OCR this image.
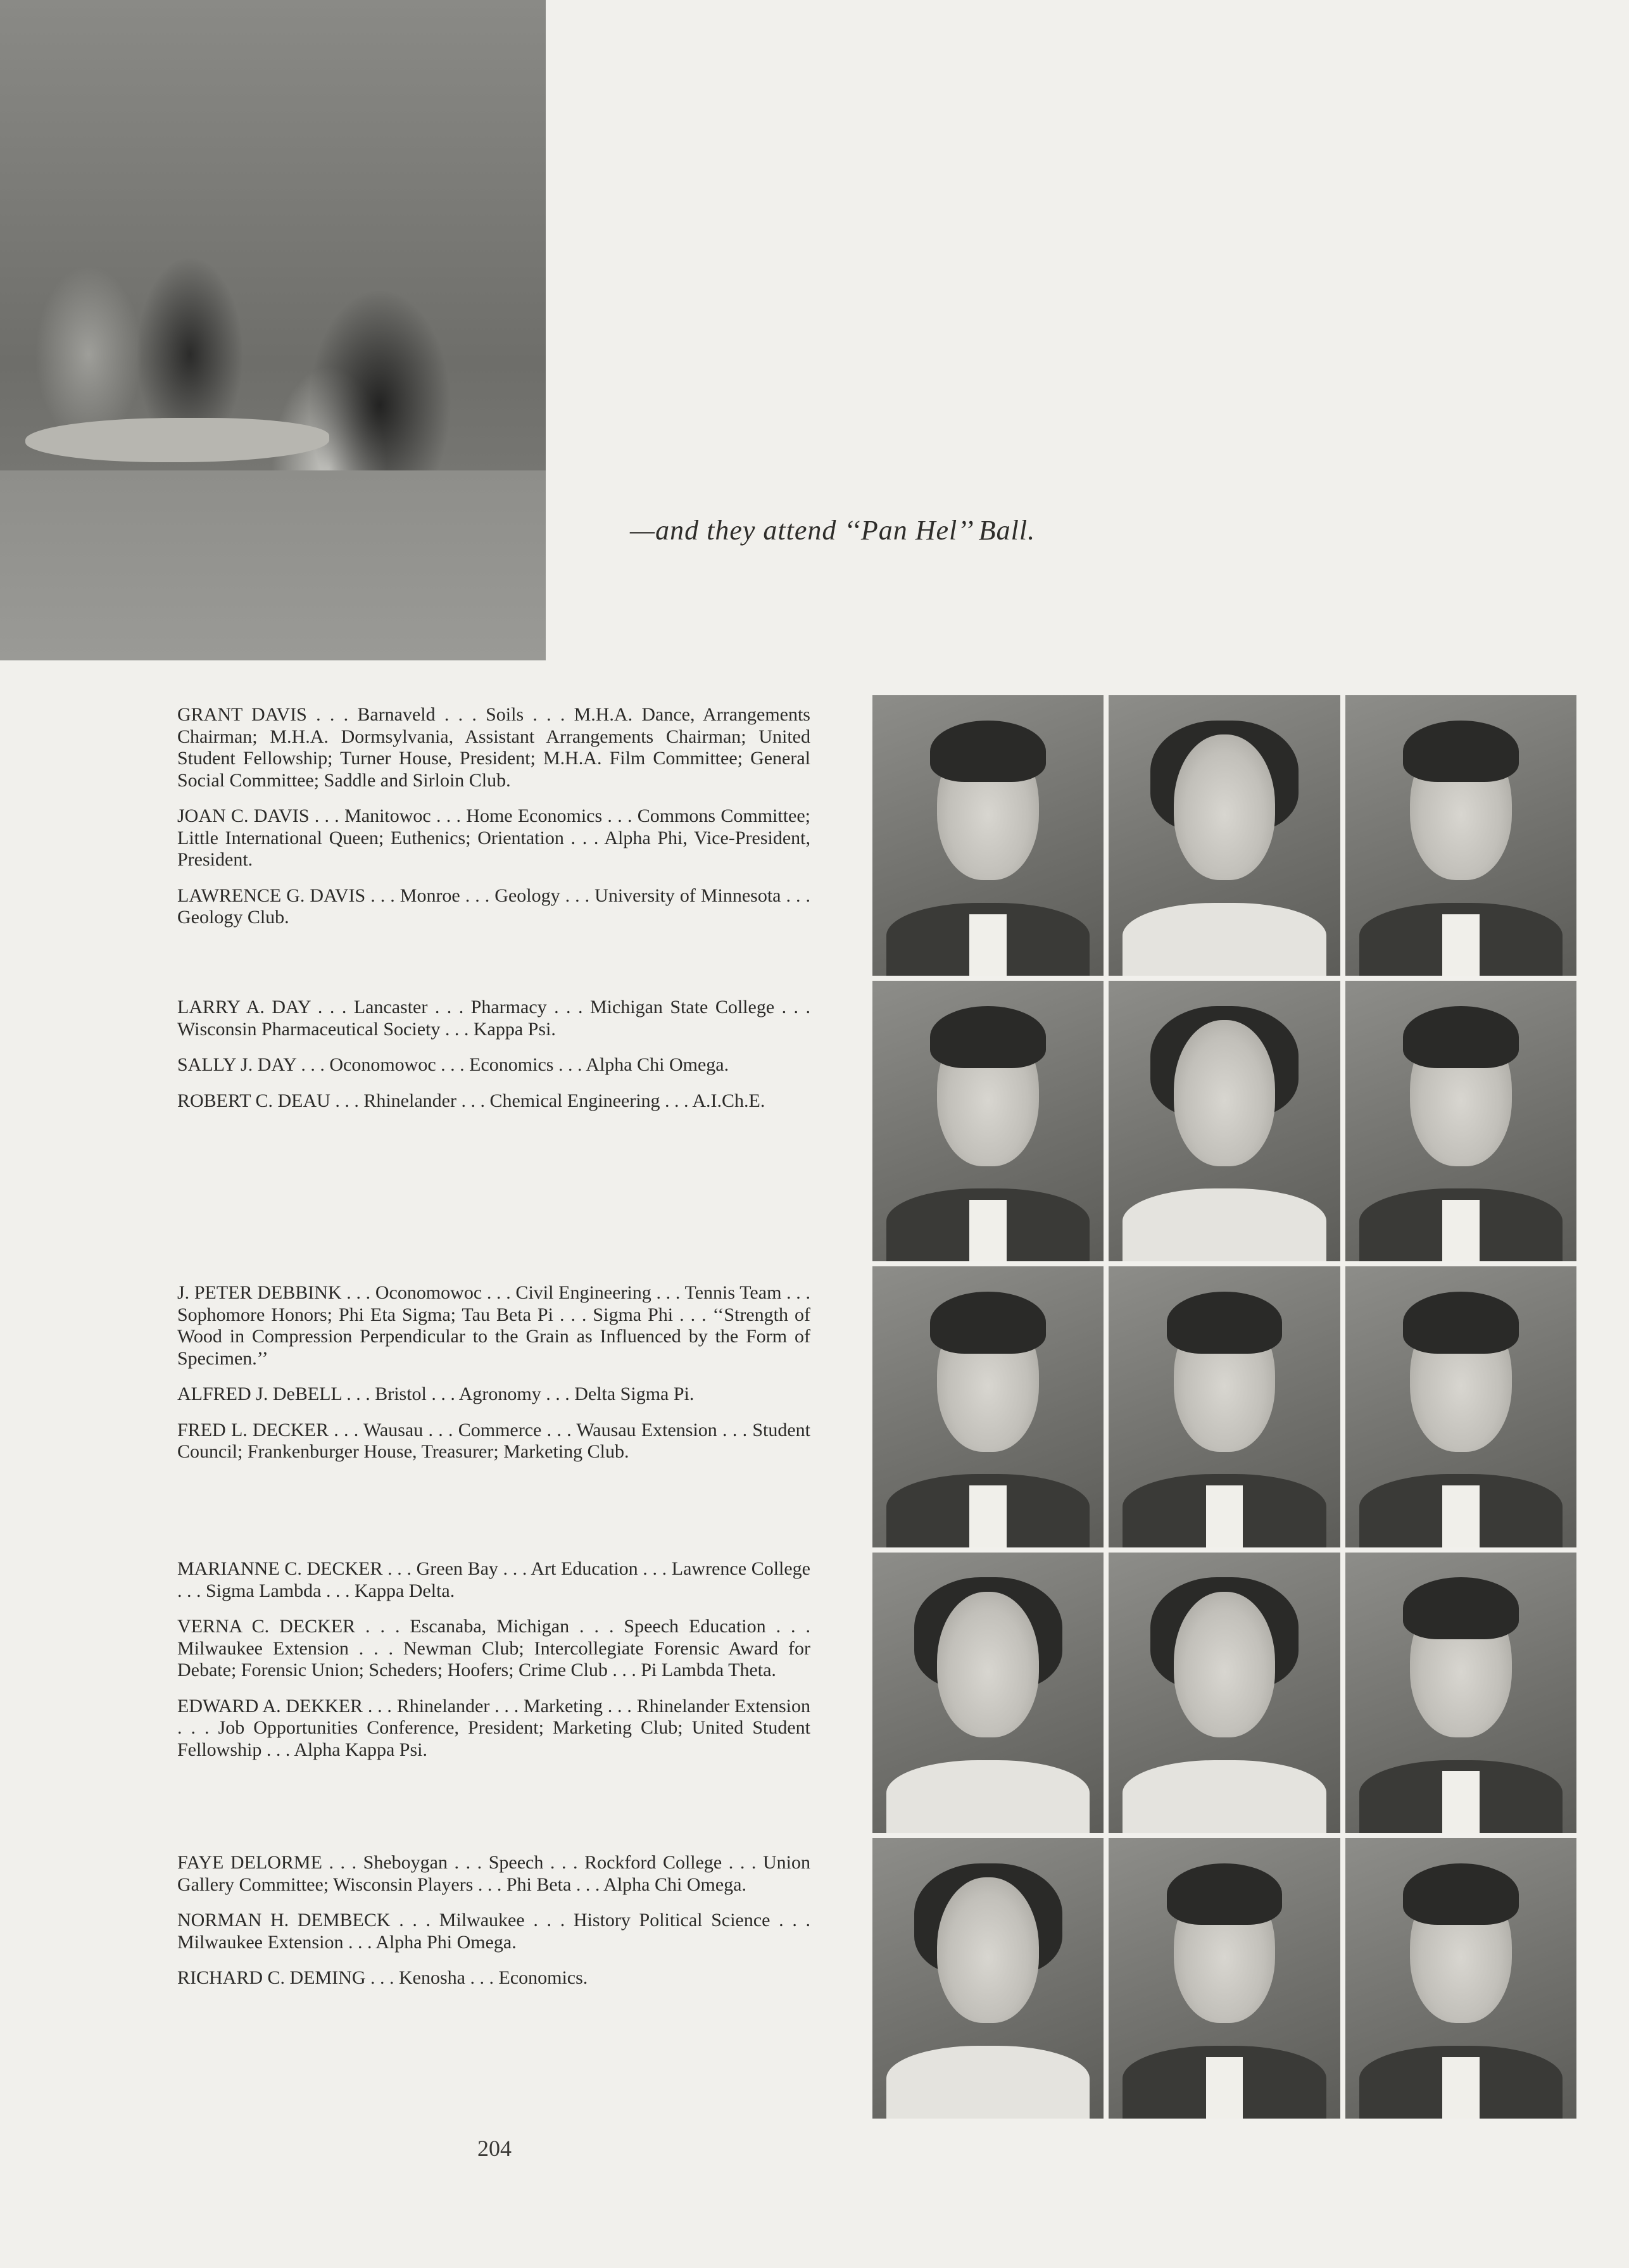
—and they attend ‘‘Pan Hel’’ Ball.

GRANT DAVIS . . . Barnaveld . . . Soils . . . M.H.A. Dance, Arrangements Chairman; M.H.A. Dormsylvania, Assistant Arrangements Chairman; United Student Fellowship; Turner House, President; M.H.A. Film Committee; General Social Committee; Saddle and Sirloin Club.

JOAN C. DAVIS . . . Manitowoc . . . Home Economics . . . Commons Committee; Little International Queen; Euthenics; Orientation . . . Alpha Phi, Vice-President, President.

LAWRENCE G. DAVIS . . . Monroe . . . Geology . . . University of Minnesota . . . Geology Club.

LARRY A. DAY . . . Lancaster . . . Pharmacy . . . Michigan State College . . . Wisconsin Pharmaceutical Society . . . Kappa Psi.

SALLY J. DAY . . . Oconomowoc . . . Economics . . . Alpha Chi Omega.

ROBERT C. DEAU . . . Rhinelander . . . Chemical Engineering . . . A.I.Ch.E.

J. PETER DEBBINK . . . Oconomowoc . . . Civil Engineering . . . Tennis Team . . . Sophomore Honors; Phi Eta Sigma; Tau Beta Pi . . . Sigma Phi . . . ‘‘Strength of Wood in Compression Perpendicular to the Grain as Influenced by the Form of Specimen.’’

ALFRED J. DeBELL . . . Bristol . . . Agronomy . . . Delta Sigma Pi.

FRED L. DECKER . . . Wausau . . . Commerce . . . Wausau Extension . . . Student Council; Frankenburger House, Treasurer; Marketing Club.

MARIANNE C. DECKER . . . Green Bay . . . Art Education . . . Lawrence College . . . Sigma Lambda . . . Kappa Delta.

VERNA C. DECKER . . . Escanaba, Michigan . . . Speech Education . . . Milwaukee Extension . . . Newman Club; Intercollegiate Forensic Award for Debate; Forensic Union; Scheders; Hoofers; Crime Club . . . Pi Lambda Theta.

EDWARD A. DEKKER . . . Rhinelander . . . Marketing . . . Rhinelander Extension . . . Job Opportunities Conference, President; Marketing Club; United Student Fellowship . . . Alpha Kappa Psi.

FAYE DELORME . . . Sheboygan . . . Speech . . . Rockford College . . . Union Gallery Committee; Wisconsin Players . . . Phi Beta . . . Alpha Chi Omega.

NORMAN H. DEMBECK . . . Milwaukee . . . History Political Science . . . Milwaukee Extension . . . Alpha Phi Omega.

RICHARD C. DEMING . . . Kenosha . . . Economics.

204
